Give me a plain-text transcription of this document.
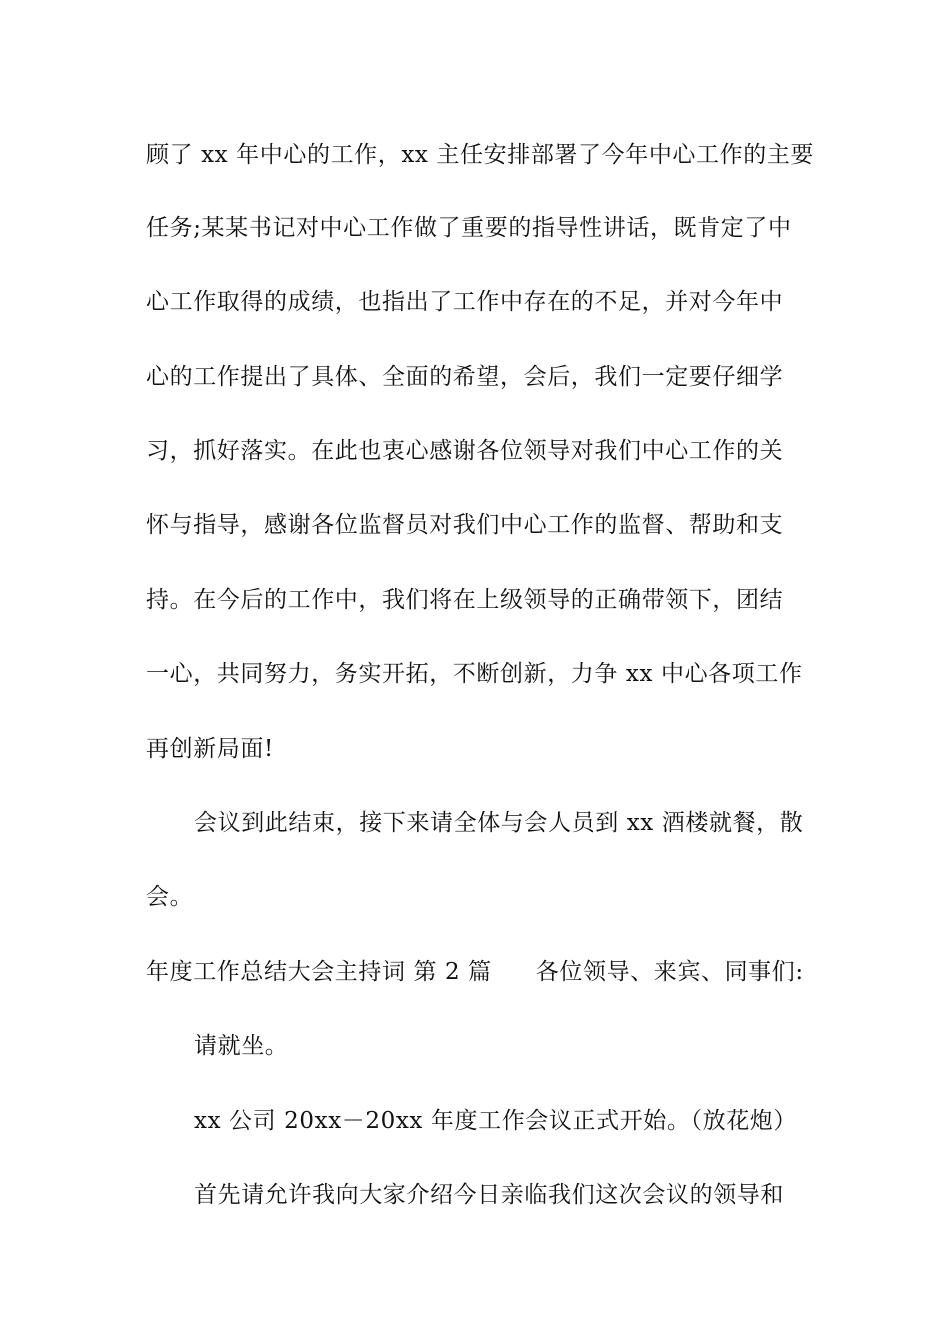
顾了 xx 年中心的工作，xx 主任安排部署了今年中心工作的主要
任务;某某书记对中心工作做了重要的指导性讲话，既肯定了中
心工作取得的成绩，也指出了工作中存在的不足，并对今年中
心的工作提出了具体、全面的希望，会后，我们一定要仔细学
习，抓好落实。在此也衷心感谢各位领导对我们中心工作的关
怀与指导，感谢各位监督员对我们中心工作的监督、帮助和支
持。在今后的工作中，我们将在上级领导的正确带领下，团结
一心，共同努力，务实开拓，不断创新，力争 xx 中心各项工作
再创新局面!
会议到此结束，接下来请全体与会人员到 xx 酒楼就餐，散
会。
年度工作总结大会主持词 第 2 篇 各位领导、来宾、同事们:
请就坐。
xx 公司 20xx－20xx 年度工作会议正式开始。（放花炮）
首先请允许我向大家介绍今日亲临我们这次会议的领导和
